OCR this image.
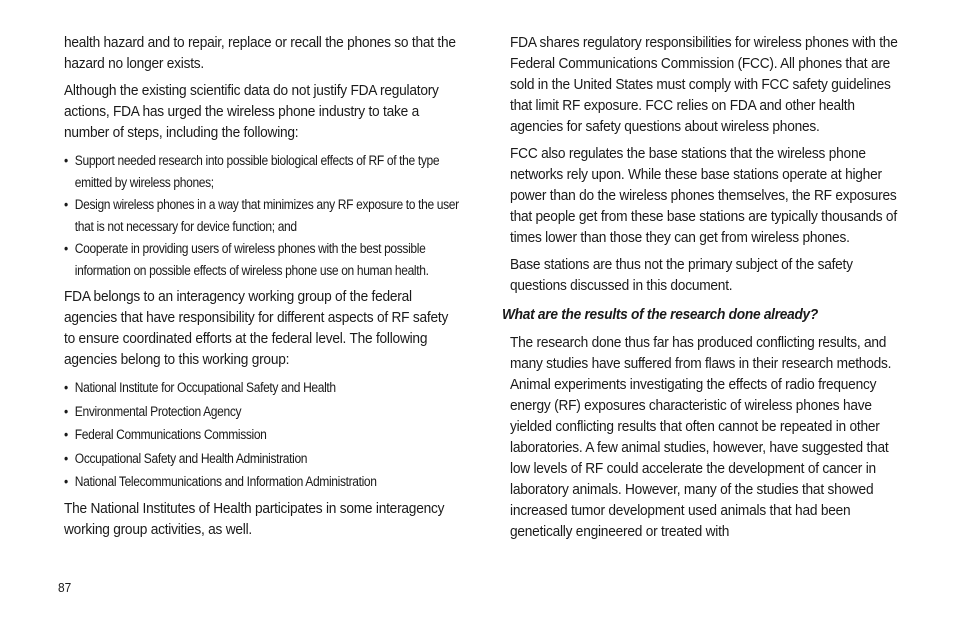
health hazard and to repair, replace or recall the phones so that the hazard no longer exists.

Although the existing scientific data do not justify FDA regulatory actions, FDA has urged the wireless phone industry to take a number of steps, including the following:

• Support needed research into possible biological effects of RF of the type emitted by wireless phones;
• Design wireless phones in a way that minimizes any RF exposure to the user that is not necessary for device function; and
• Cooperate in providing users of wireless phones with the best possible information on possible effects of wireless phone use on human health.

FDA belongs to an interagency working group of the federal agencies that have responsibility for different aspects of RF safety to ensure coordinated efforts at the federal level. The following agencies belong to this working group:

• National Institute for Occupational Safety and Health
• Environmental Protection Agency
• Federal Communications Commission
• Occupational Safety and Health Administration
• National Telecommunications and Information Administration

The National Institutes of Health participates in some interagency working group activities, as well.

FDA shares regulatory responsibilities for wireless phones with the Federal Communications Commission (FCC). All phones that are sold in the United States must comply with FCC safety guidelines that limit RF exposure. FCC relies on FDA and other health agencies for safety questions about wireless phones.

FCC also regulates the base stations that the wireless phone networks rely upon. While these base stations operate at higher power than do the wireless phones themselves, the RF exposures that people get from these base stations are typically thousands of times lower than those they can get from wireless phones.

Base stations are thus not the primary subject of the safety questions discussed in this document.

What are the results of the research done already?

The research done thus far has produced conflicting results, and many studies have suffered from flaws in their research methods. Animal experiments investigating the effects of radio frequency energy (RF) exposures characteristic of wireless phones have yielded conflicting results that often cannot be repeated in other laboratories. A few animal studies, however, have suggested that low levels of RF could accelerate the development of cancer in laboratory animals. However, many of the studies that showed increased tumor development used animals that had been genetically engineered or treated with

87
